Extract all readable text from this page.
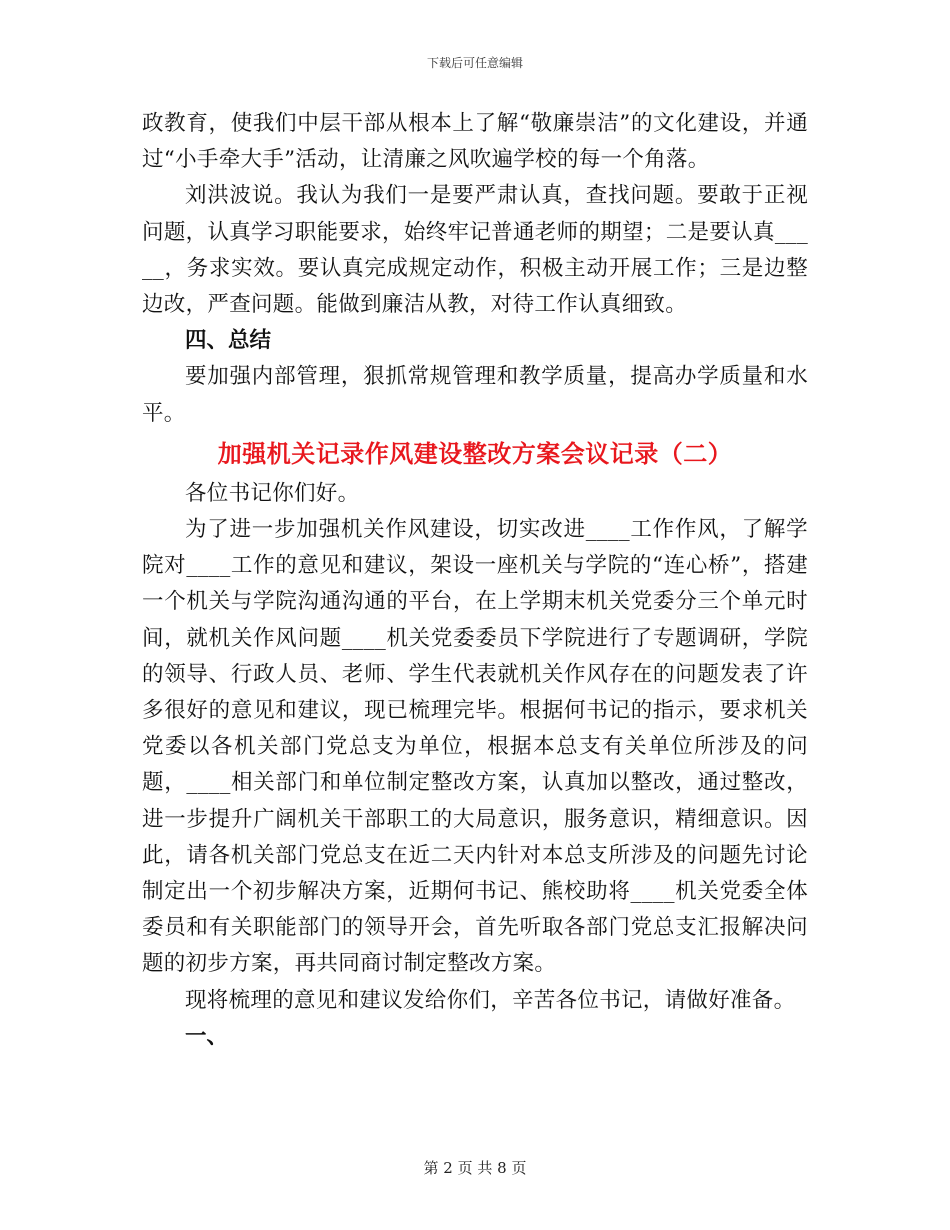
下载后可任意编辑

政教育，使我们中层干部从根本上了解“敬廉崇洁”的文化建设，并通过“小手牵大手”活动，让清廉之风吹遍学校的每一个角落。

刘洪波说。我认为我们一是要严肃认真，查找问题。要敢于正视问题，认真学习职能要求，始终牢记普通老师的期望；二是要认真_____，务求实效。要认真完成规定动作，积极主动开展工作；三是边整边改，严查问题。能做到廉洁从教，对待工作认真细致。

四、总结

要加强内部管理，狠抓常规管理和教学质量，提高办学质量和水平。

加强机关记录作风建设整改方案会议记录（二）

各位书记你们好。

为了进一步加强机关作风建设，切实改进____工作作风，了解学院对____工作的意见和建议，架设一座机关与学院的“连心桥”，搭建一个机关与学院沟通沟通的平台，在上学期末机关党委分三个单元时间，就机关作风问题____机关党委委员下学院进行了专题调研，学院的领导、行政人员、老师、学生代表就机关作风存在的问题发表了许多很好的意见和建议，现已梳理完毕。根据何书记的指示，要求机关党委以各机关部门党总支为单位，根据本总支有关单位所涉及的问题，____相关部门和单位制定整改方案，认真加以整改，通过整改，进一步提升广阔机关干部职工的大局意识，服务意识，精细意识。因此，请各机关部门党总支在近二天内针对本总支所涉及的问题先讨论制定出一个初步解决方案，近期何书记、熊校助将____机关党委全体委员和有关职能部门的领导开会，首先听取各部门党总支汇报解决问题的初步方案，再共同商讨制定整改方案。

现将梳理的意见和建议发给你们，辛苦各位书记，请做好准备。

一、

第 2 页 共 8 页
